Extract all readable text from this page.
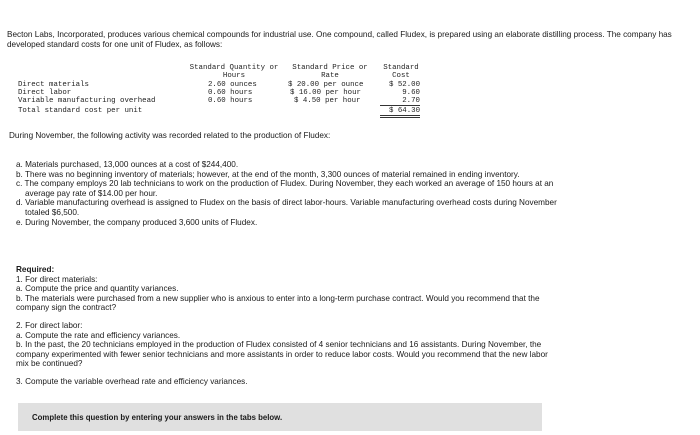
Becton Labs, Incorporated, produces various chemical compounds for industrial use. One compound, called Fludex, is prepared using an elaborate distilling process. The company has developed standard costs for one unit of Fludex, as follows:
Standard Quantity or
Hours
Standard Price or
Rate
Standard
Cost
Direct materials	2.60 ounces	$ 20.00 per ounce	$ 52.00
Direct labor	0.60 hours	$ 16.00 per hour	9.60
Variable manufacturing overhead	0.60 hours	$ 4.50 per hour	2.70
Total standard cost per unit	$ 64.30
During November, the following activity was recorded related to the production of Fludex:
a. Materials purchased, 13,000 ounces at a cost of $244,400.
b. There was no beginning inventory of materials; however, at the end of the month, 3,300 ounces of material remained in ending inventory.
c. The company employs 20 lab technicians to work on the production of Fludex. During November, they each worked an average of 150 hours at an average pay rate of $14.00 per hour.
d. Variable manufacturing overhead is assigned to Fludex on the basis of direct labor-hours. Variable manufacturing overhead costs during November totaled $6,500.
e. During November, the company produced 3,600 units of Fludex.
Required:
1. For direct materials:
a. Compute the price and quantity variances.
b. The materials were purchased from a new supplier who is anxious to enter into a long-term purchase contract. Would you recommend that the company sign the contract?
2. For direct labor:
a. Compute the rate and efficiency variances.
b. In the past, the 20 technicians employed in the production of Fludex consisted of 4 senior technicians and 16 assistants. During November, the company experimented with fewer senior technicians and more assistants in order to reduce labor costs. Would you recommend that the new labor mix be continued?
3. Compute the variable overhead rate and efficiency variances.
Complete this question by entering your answers in the tabs below.
